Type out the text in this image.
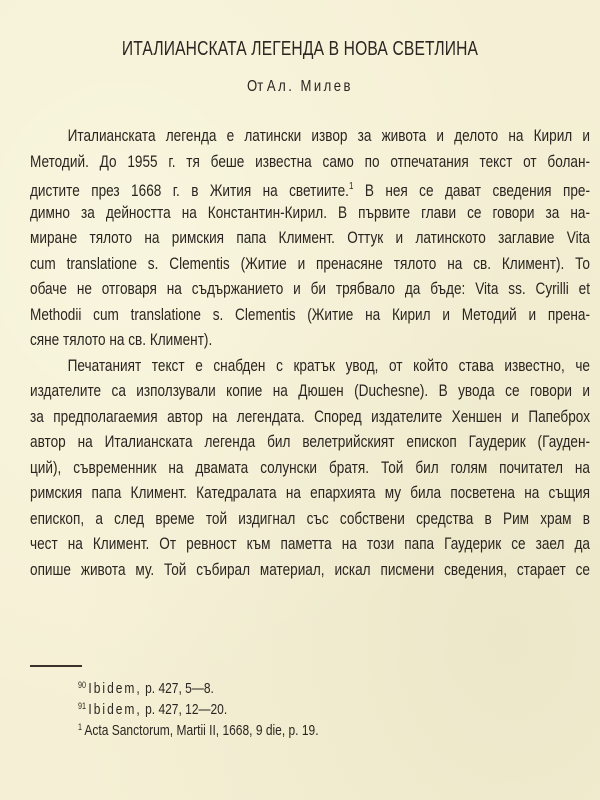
ИТАЛИАНСКАТА ЛЕГЕНДА В НОВА СВЕТЛИНА
От Ал. Милев
Италианската легенда е латински извор за живота и делото на Кирил и
Методий. До 1955 г. тя беше известна само по отпечатания текст от болан-
дистите през 1668 г. в Жития на светиите.$^1$ В нея се дават сведения пре-
димно за дейността на Константин-Кирил. В първите глави се говори за на-
миране тялото на римския папа Климент. Оттук и латинското заглавие Vita
cum translatione s. Clementis (Житие и пренасяне тялото на св. Климент). То
обаче не отговаря на съдържанието и би трябвало да бъде: Vita ss. Cyrilli et
Methodii cum translatione s. Clementis (Житие на Кирил и Методий и прена-
сяне тялото на св. Климент).
Печатаният текст е снабден с кратък увод, от който става известно, че
издателите са използували копие на Дюшен (Duchesne). В увода се говори и
за предполагаемия автор на легендата. Според издателите Хеншен и Папеброх
автор на Италианската легенда бил велетрийският епископ Гаудерик (Гауден-
ций), съвременник на двамата солунски братя. Той бил голям почитател на
римския папа Климент. Катедралата на епархията му била посветена на същия
епископ, а след време той издигнал със собствени средства в Рим храм в
чест на Климент. От ревност към паметта на този папа Гаудерик се заел да
опише живота му. Той събирал материал, искал писмени сведения, старает се
$^{90}$ Ibidem, p. 427, 5—8.
$^{91}$ Ibidem, p. 427, 12—20.
$^1$ Acta Sanctorum, Martii II, 1668, 9 die, p. 19.
